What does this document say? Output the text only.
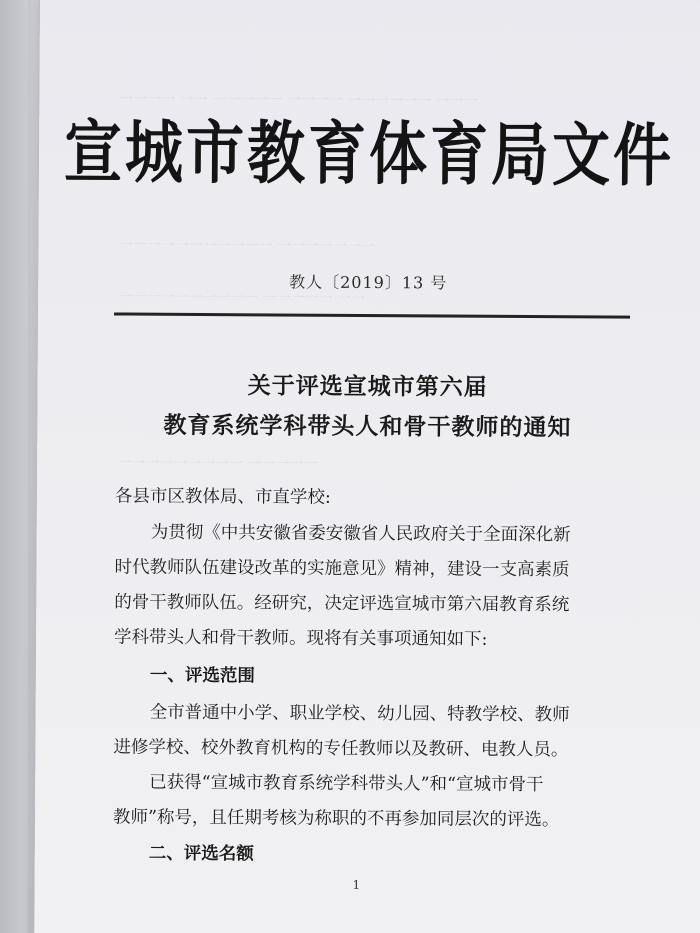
一一一一 一一 一一一一一 一一一一 一一一一一一 一一一
一一一一一一一一一一一 一一一一一一一
一一一一一一一一一一 一一一一一 一一
一一一一一一一一一 一一一一一
宣城市教育体育局文件
教人〔2019〕13 号
关于评选宣城市第六届
教育系统学科带头人和骨干教师的通知
各县市区教体局、市直学校:
为贯彻《中共安徽省委安徽省人民政府关于全面深化新
时代教师队伍建设改革的实施意见》精神，建设一支高素质
的骨干教师队伍。经研究，决定评选宣城市第六届教育系统
学科带头人和骨干教师。现将有关事项通知如下:
一、评选范围
全市普通中小学、职业学校、幼儿园、特教学校、教师
进修学校、校外教育机构的专任教师以及教研、电教人员。
已获得“宣城市教育系统学科带头人”和“宣城市骨干
教师”称号，且任期考核为称职的不再参加同层次的评选。
二、评选名额
1
